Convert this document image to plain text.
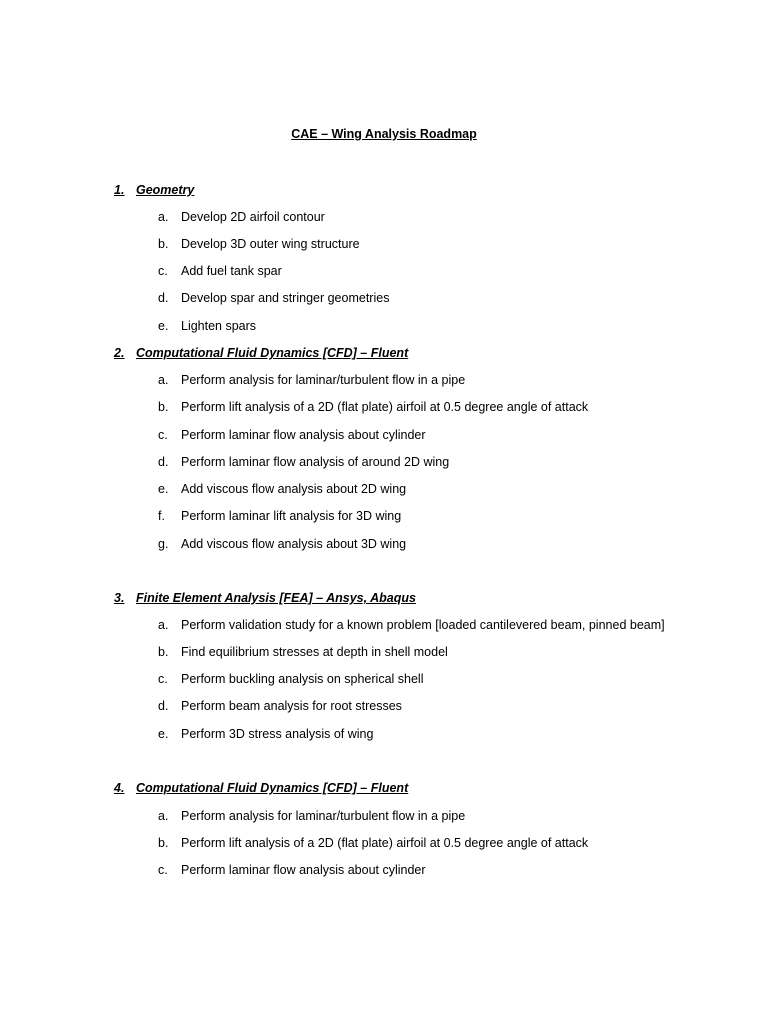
CAE – Wing Analysis Roadmap
1. Geometry
a. Develop 2D airfoil contour
b. Develop 3D outer wing structure
c. Add fuel tank spar
d. Develop spar and stringer geometries
e. Lighten spars
2. Computational Fluid Dynamics [CFD] – Fluent
a. Perform analysis for laminar/turbulent flow in a pipe
b. Perform lift analysis of a 2D (flat plate) airfoil at 0.5 degree angle of attack
c. Perform laminar flow analysis about cylinder
d. Perform laminar flow analysis of around 2D wing
e. Add viscous flow analysis about 2D wing
f. Perform laminar lift analysis for 3D wing
g. Add viscous flow analysis about 3D wing
3. Finite Element Analysis [FEA] – Ansys, Abaqus
a. Perform validation study for a known problem [loaded cantilevered beam, pinned beam]
b. Find equilibrium stresses at depth in shell model
c. Perform buckling analysis on spherical shell
d. Perform beam analysis for root stresses
e. Perform 3D stress analysis of wing
4. Computational Fluid Dynamics [CFD] – Fluent
a. Perform analysis for laminar/turbulent flow in a pipe
b. Perform lift analysis of a 2D (flat plate) airfoil at 0.5 degree angle of attack
c. Perform laminar flow analysis about cylinder
